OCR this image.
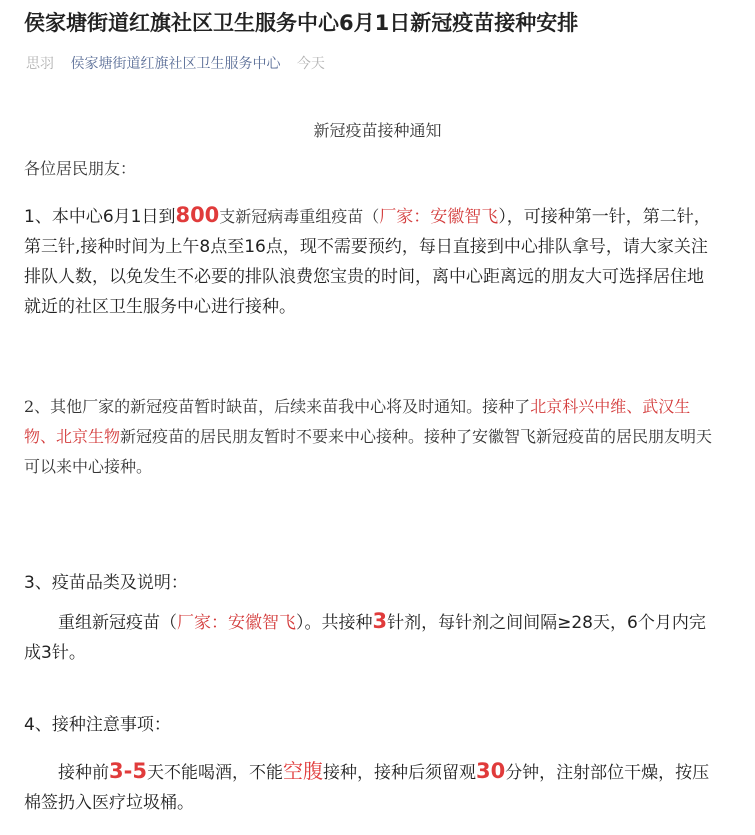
侯家塘街道红旗社区卫生服务中心6月1日新冠疫苗接种安排
思羽 侯家塘街道红旗社区卫生服务中心 今天
新冠疫苗接种通知
各位居民朋友：
1、本中心6月1日到800支新冠病毒重组疫苗（厂家：安徽智飞），可接种第一针，第二针，第三针,接种时间为上午8点至16点，现不需要预约，每日直接到中心排队拿号，请大家关注排队人数，以免发生不必要的排队浪费您宝贵的时间，离中心距离远的朋友大可选择居住地就近的社区卫生服务中心进行接种。
2、其他厂家的新冠疫苗暂时缺苗，后续来苗我中心将及时通知。接种了北京科兴中维、武汉生物、北京生物新冠疫苗的居民朋友暂时不要来中心接种。接种了安徽智飞新冠疫苗的居民朋友明天可以来中心接种。
3、疫苗品类及说明：
重组新冠疫苗（厂家：安徽智飞）。共接种3针剂，每针剂之间间隔≥28天，6个月内完成3针。
4、接种注意事项：
接种前3-5天不能喝酒，不能空腹接种，接种后须留观30分钟，注射部位干燥，按压棉签扔入医疗垃圾桶。
